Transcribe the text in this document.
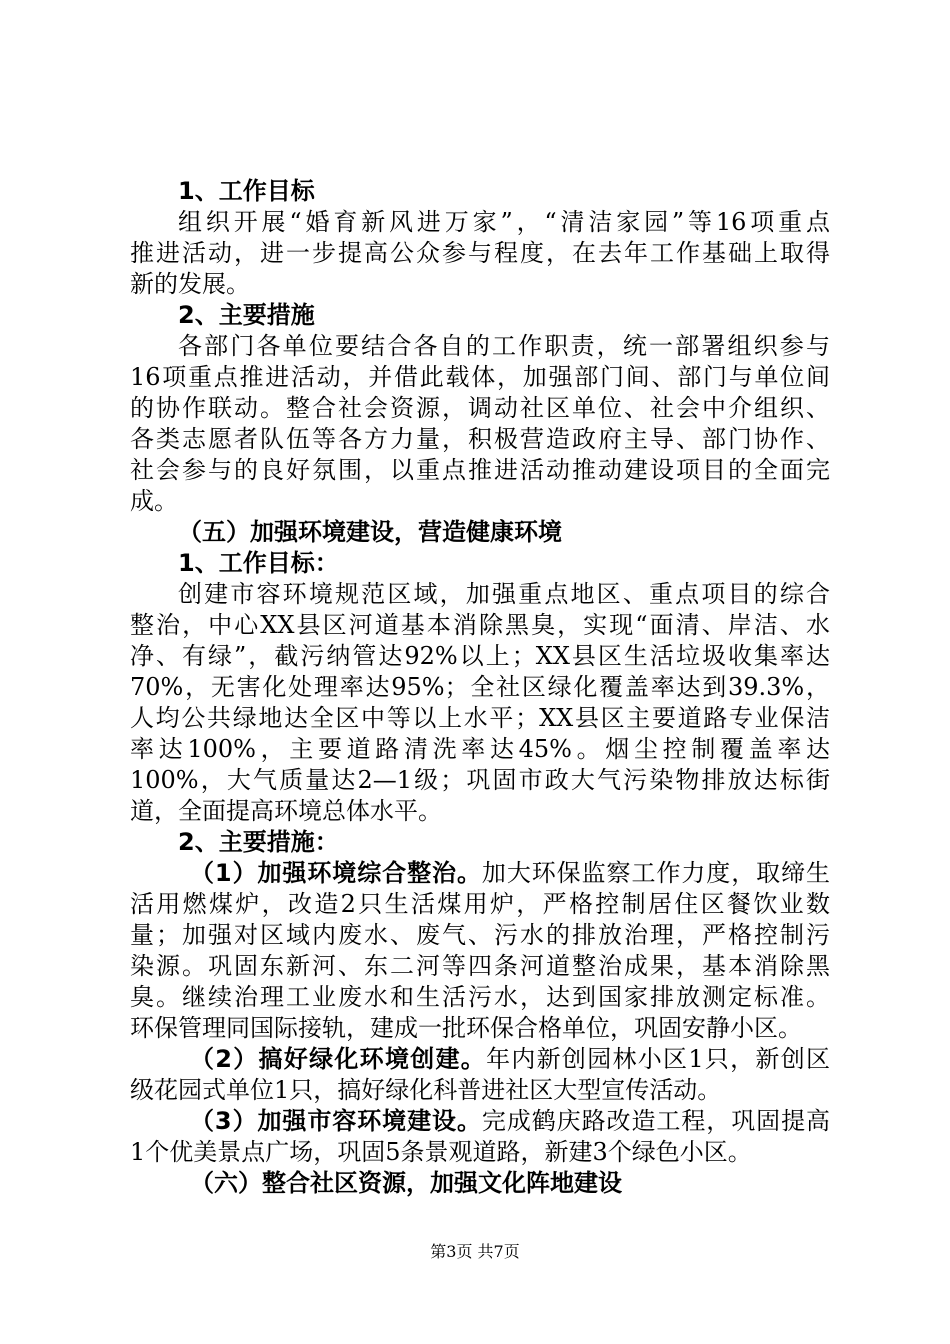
1、工作目标
组织开展“婚育新风进万家”，“清洁家园”等16项重点
推进活动，进一步提高公众参与程度，在去年工作基础上取得
新的发展。
2、主要措施
各部门各单位要结合各自的工作职责，统一部署组织参与
16项重点推进活动，并借此载体，加强部门间、部门与单位间
的协作联动。整合社会资源，调动社区单位、社会中介组织、
各类志愿者队伍等各方力量，积极营造政府主导、部门协作、
社会参与的良好氛围，以重点推进活动推动建设项目的全面完
成。
（五）加强环境建设，营造健康环境
1、工作目标：
创建市容环境规范区域，加强重点地区、重点项目的综合
整治，中心XX县区河道基本消除黑臭，实现“面清、岸洁、水
净、有绿”，截污纳管达92%以上；XX县区生活垃圾收集率达
70%，无害化处理率达95%；全社区绿化覆盖率达到39.3%，
人均公共绿地达全区中等以上水平；XX县区主要道路专业保洁
率达100%，主要道路清洗率达45%。烟尘控制覆盖率达
100%，大气质量达2—1级；巩固市政大气污染物排放达标街
道，全面提高环境总体水平。
2、主要措施：
（1）加强环境综合整治。加大环保监察工作力度，取缔生
活用燃煤炉，改造2只生活煤用炉，严格控制居住区餐饮业数
量；加强对区域内废水、废气、污水的排放治理，严格控制污
染源。巩固东新河、东二河等四条河道整治成果，基本消除黑
臭。继续治理工业废水和生活污水，达到国家排放测定标准。
环保管理同国际接轨，建成一批环保合格单位，巩固安静小区。
（2）搞好绿化环境创建。年内新创园林小区1只，新创区
级花园式单位1只，搞好绿化科普进社区大型宣传活动。
（3）加强市容环境建设。完成鹤庆路改造工程，巩固提高
1个优美景点广场，巩固5条景观道路，新建3个绿色小区。
（六）整合社区资源，加强文化阵地建设
第3页 共7页
